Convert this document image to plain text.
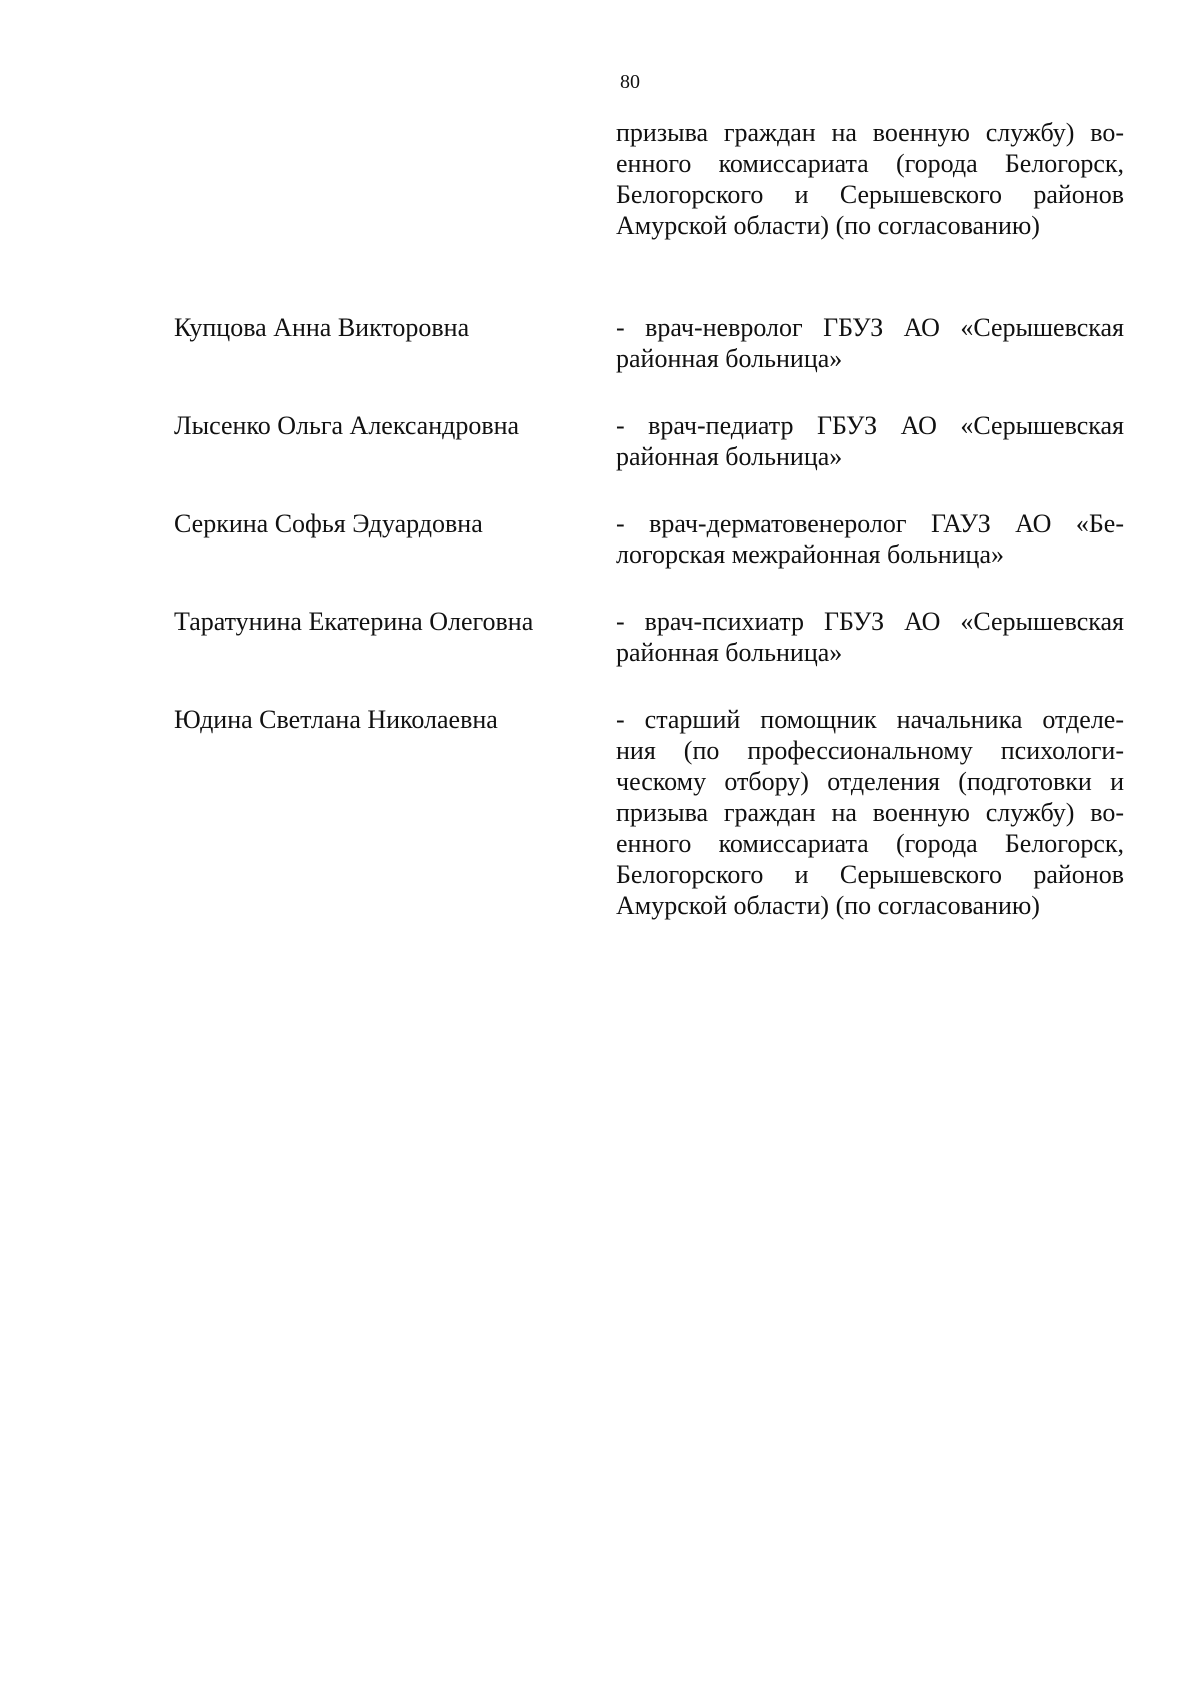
80
призыва граждан на военную службу) во-
енного комиссариата (города Белогорск,
Белогорского и Серышевского районов
Амурской области) (по согласованию)
Купцова Анна Викторовна	- врач-невролог ГБУЗ АО «Серышевская
районная больница»
Лысенко Ольга Александровна	- врач-педиатр ГБУЗ АО «Серышевская
районная больница»
Серкина Софья Эдуардовна	- врач-дерматовенеролог ГАУЗ АО «Бе-
логорская межрайонная больница»
Таратунина Екатерина Олеговна	- врач-психиатр ГБУЗ АО «Серышевская
районная больница»
Юдина Светлана Николаевна	- старший помощник начальника отделе-
ния (по профессиональному психологи-
ческому отбору) отделения (подготовки и
призыва граждан на военную службу) во-
енного комиссариата (города Белогорск,
Белогорского и Серышевского районов
Амурской области) (по согласованию)
